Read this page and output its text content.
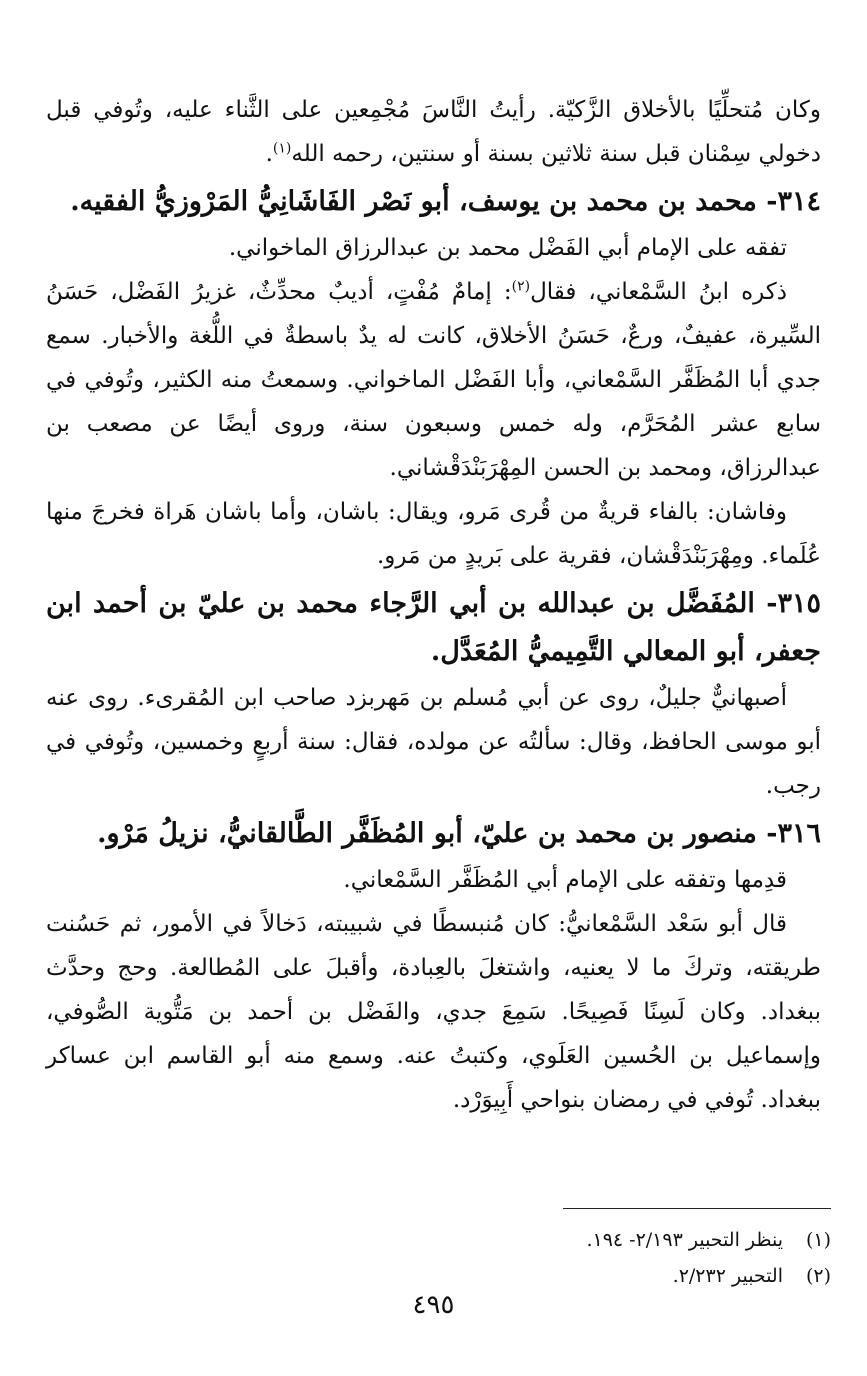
وكان مُتحلِّيًا بالأخلاق الزَّكيّة. رأيتُ النَّاسَ مُجْمِعين على الثَّناء عليه، وتُوفي قبل دخولي سِمْنان قبل سنة ثلاثين بسنة أو سنتين، رحمه الله$^{(١)}$.

٣١٤- محمد بن محمد بن يوسف، أبو نَصْر الفَاشَانِيُّ المَرْوزيُّ الفقيه.

تفقه على الإمام أبي الفَضْل محمد بن عبدالرزاق الماخواني.

ذكره ابنُ السَّمْعاني، فقال$^{(٢)}$: إمامٌ مُفْتٍ، أديبٌ محدِّثٌ، غزيرُ الفَضْل، حَسَنُ السِّيرة، عفيفٌ، ورعٌ، حَسَنُ الأخلاق، كانت له يدٌ باسطةٌ في اللُّغة والأخبار. سمع جدي أبا المُظَفَّر السَّمْعاني، وأبا الفَضْل الماخواني. وسمعتُ منه الكثير، وتُوفي في سابع عشر المُحَرَّم، وله خمس وسبعون سنة، وروى أيضًا عن مصعب بن عبدالرزاق، ومحمد بن الحسن المِهْرَبَنْدَقْشاني.

وفاشان: بالفاء قريةٌ من قُرى مَرو، ويقال: باشان، وأما باشان هَراة فخرجَ منها عُلَماء. ومِهْرَبَنْدَقْشان، فقرية على بَريدٍ من مَرو.

٣١٥- المُفَضَّل بن عبدالله بن أبي الرَّجاء محمد بن عليّ بن أحمد ابن جعفر، أبو المعالي التَّمِيميُّ المُعَدَّل.

أصبهانيٌّ جليلٌ، روى عن أبي مُسلم بن مَهربزد صاحب ابن المُقرىء. روى عنه أبو موسى الحافظ، وقال: سألتُه عن مولده، فقال: سنة أربعٍ وخمسين، وتُوفي في رجب.

٣١٦- منصور بن محمد بن عليّ، أبو المُظَفَّر الطَّالقانيُّ، نزيلُ مَرْو.

قدِمها وتفقه على الإمام أبي المُظَفَّر السَّمْعاني.

قال أبو سَعْد السَّمْعانيُّ: كان مُنبسطًا في شبيبته، دَخالاً في الأمور، ثم حَسُنت طريقته، وتركَ ما لا يعنيه، واشتغلَ بالعِبادة، وأقبلَ على المُطالعة. وحج وحدَّث ببغداد. وكان لَسِنًا فَصِيحًا. سَمِعَ جدي، والفَضْل بن أحمد بن مَتُّوية الصُّوفي، وإسماعيل بن الحُسين العَلَوي، وكتبتُ عنه. وسمع منه أبو القاسم ابن عساكر ببغداد. تُوفي في رمضان بنواحي أَبِيوَرْد.

(١)ينظر التحبير ٢/١٩٣- ١٩٤.
(٢)التحبير ٢/٢٣٢.
٤٩٥
